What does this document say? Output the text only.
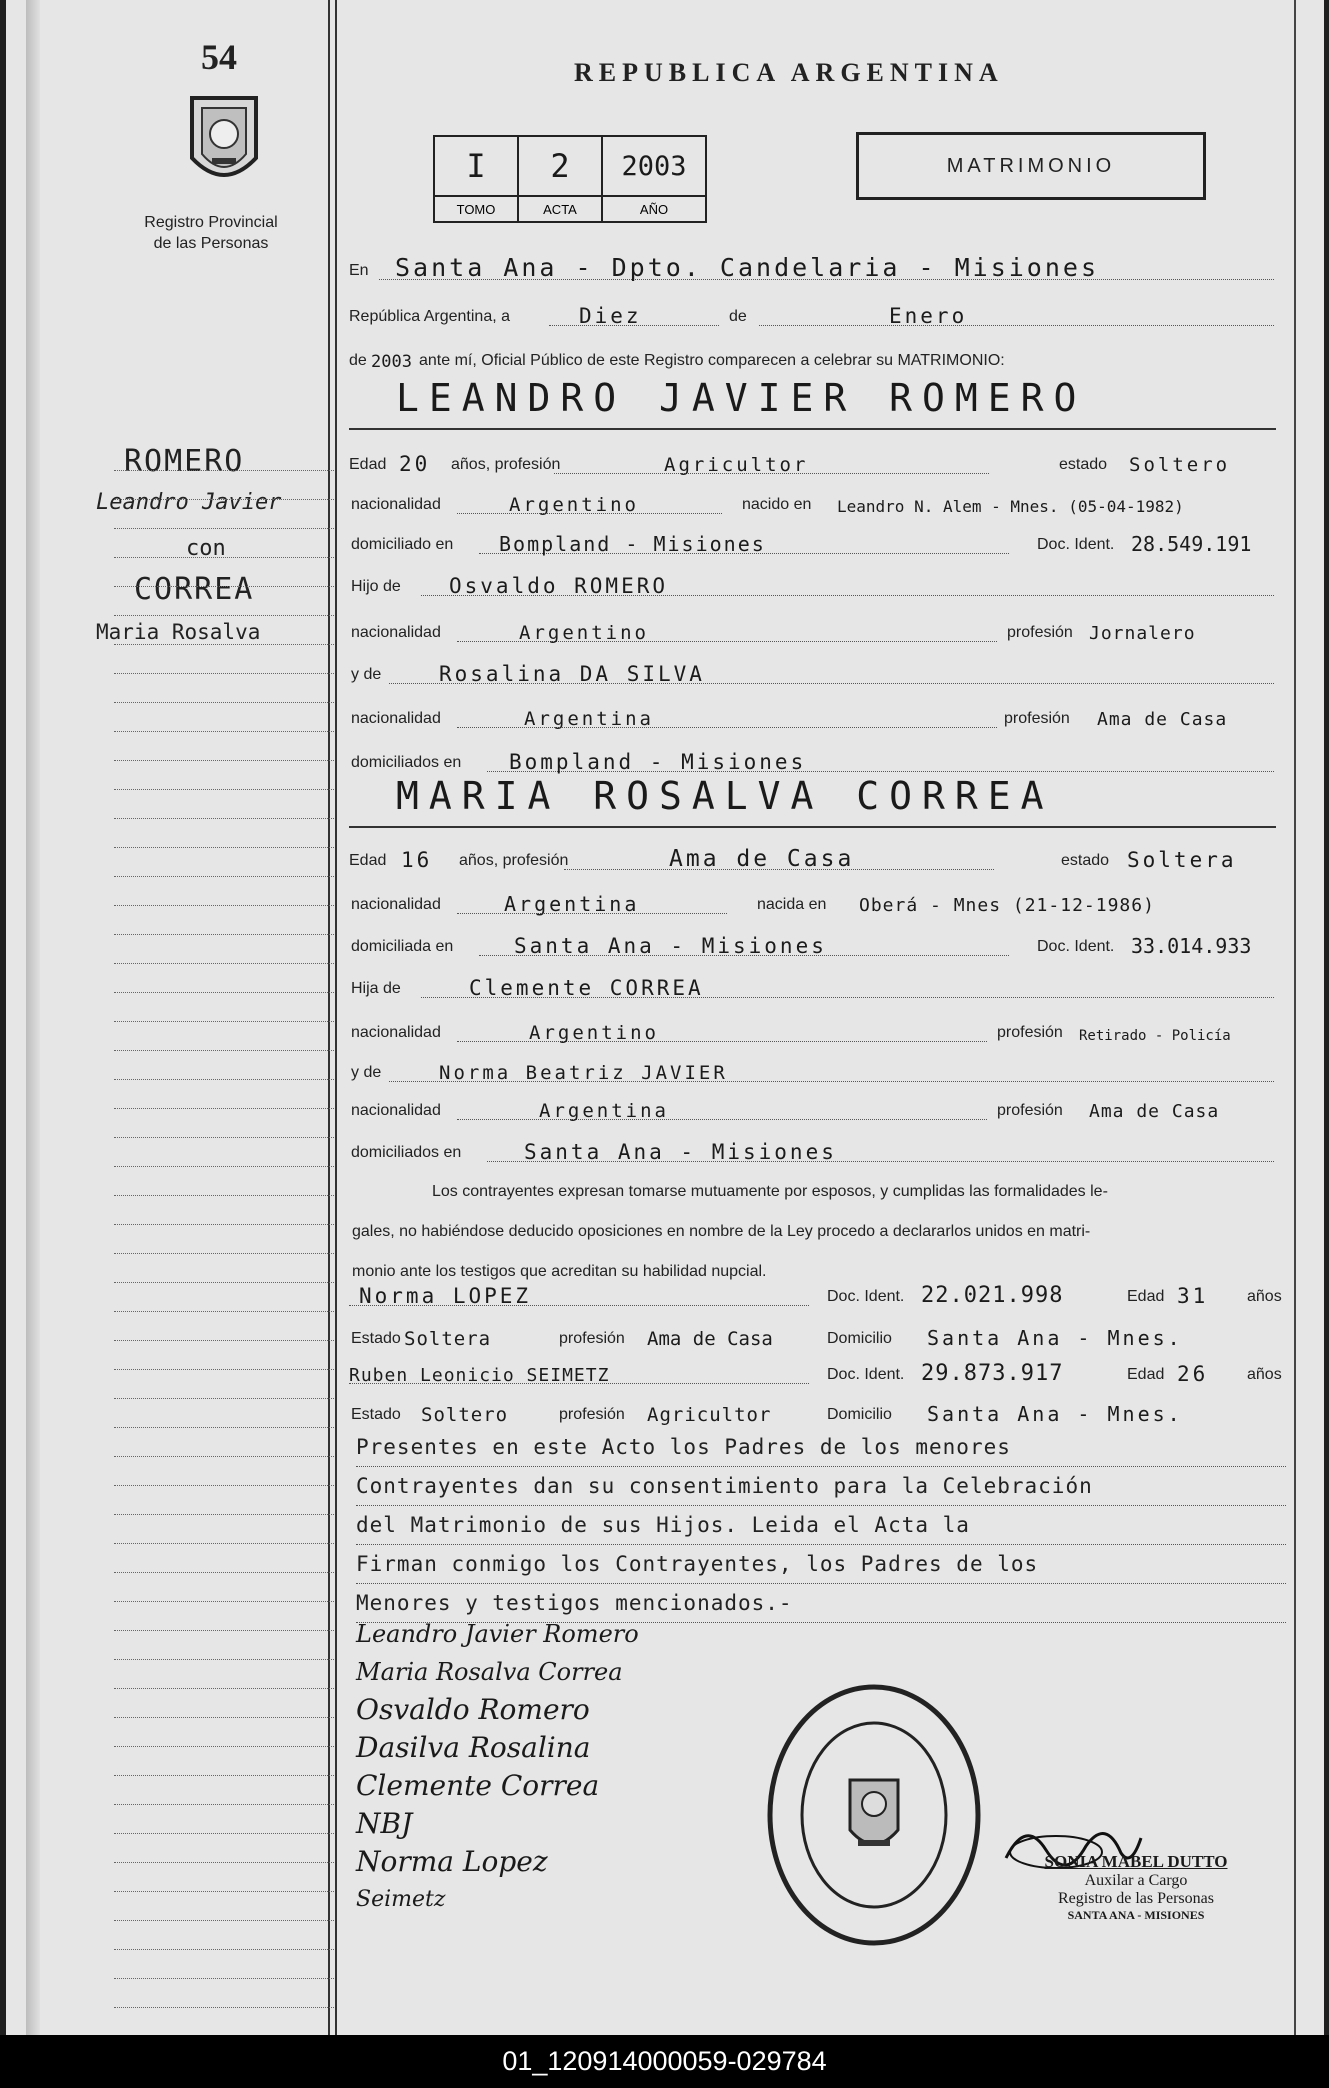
54
Registro Provincial
de las Personas
ROMERO
Leandro Javier
con
CORREA
Maria Rosalva
REPUBLICA ARGENTINA
MATRIMONIO
I	2	2003
TOMO	ACTA	AÑO
En Santa Ana - Dpto. Candelaria - Misiones
República Argentina, a	Diez	de	Enero
de 2003 ante mí, Oficial Público de este Registro comparecen a celebrar su MATRIMONIO:
LEANDRO JAVIER ROMERO
Edad 20 años, profesión	Agricultor	estado Soltero
nacionalidad	Argentino	nacido en Leandro N. Alem - Mnes. (05-04-1982)
domiciliado en Bompland - Misiones	Doc. Ident. 28.549.191
Hijo de Osvaldo ROMERO
nacionalidad	Argentino	profesión Jornalero
y de	Rosalina DA SILVA
nacionalidad	Argentina	profesión Ama de Casa
domiciliados en Bompland - Misiones
MARIA ROSALVA CORREA
Edad 16 años, profesión	Ama de Casa	estado Soltera
nacionalidad	Argentina	nacida en Oberá - Mnes (21-12-1986)
domiciliada en	Santa Ana - Misiones	Doc. Ident. 33.014.933
Hija de	Clemente CORREA
nacionalidad	Argentino	profesión Retirado - Policía
y de	Norma Beatriz JAVIER
nacionalidad	Argentina	profesión Ama de Casa
domiciliados en	Santa Ana - Misiones
Los contrayentes expresan tomarse mutuamente por esposos, y cumplidas las formalidades le-
gales, no habiéndose deducido oposiciones en nombre de la Ley procedo a declararlos unidos en matri-
monio ante los testigos que acreditan su habilidad nupcial.
Norma LOPEZ	Doc. Ident. 22.021.998	Edad 31 años
Estado Soltera	profesión Ama de Casa	Domicilio Santa Ana - Mnes.
Ruben Leonicio SEIMETZ	Doc. Ident. 29.873.917	Edad 26 años
Estado Soltero	profesión Agricultor	Domicilio Santa Ana - Mnes.
Presentes en este Acto los Padres de los menores
Contrayentes dan su consentimiento para la Celebración
del Matrimonio de sus Hijos. Leida el Acta la
Firman conmigo los Contrayentes, los Padres de los
Menores y testigos mencionados.-
Leandro Javier Romero
Maria Rosalva Correa
Osvaldo Romero
Dasilva Rosalina
Clemente Correa
NBJ
Norma Lopez
Seimetz
SONIA MABEL DUTTO
Auxilar a Cargo
Registro de las Personas
SANTA ANA - MISIONES
01_120914000059-029784
